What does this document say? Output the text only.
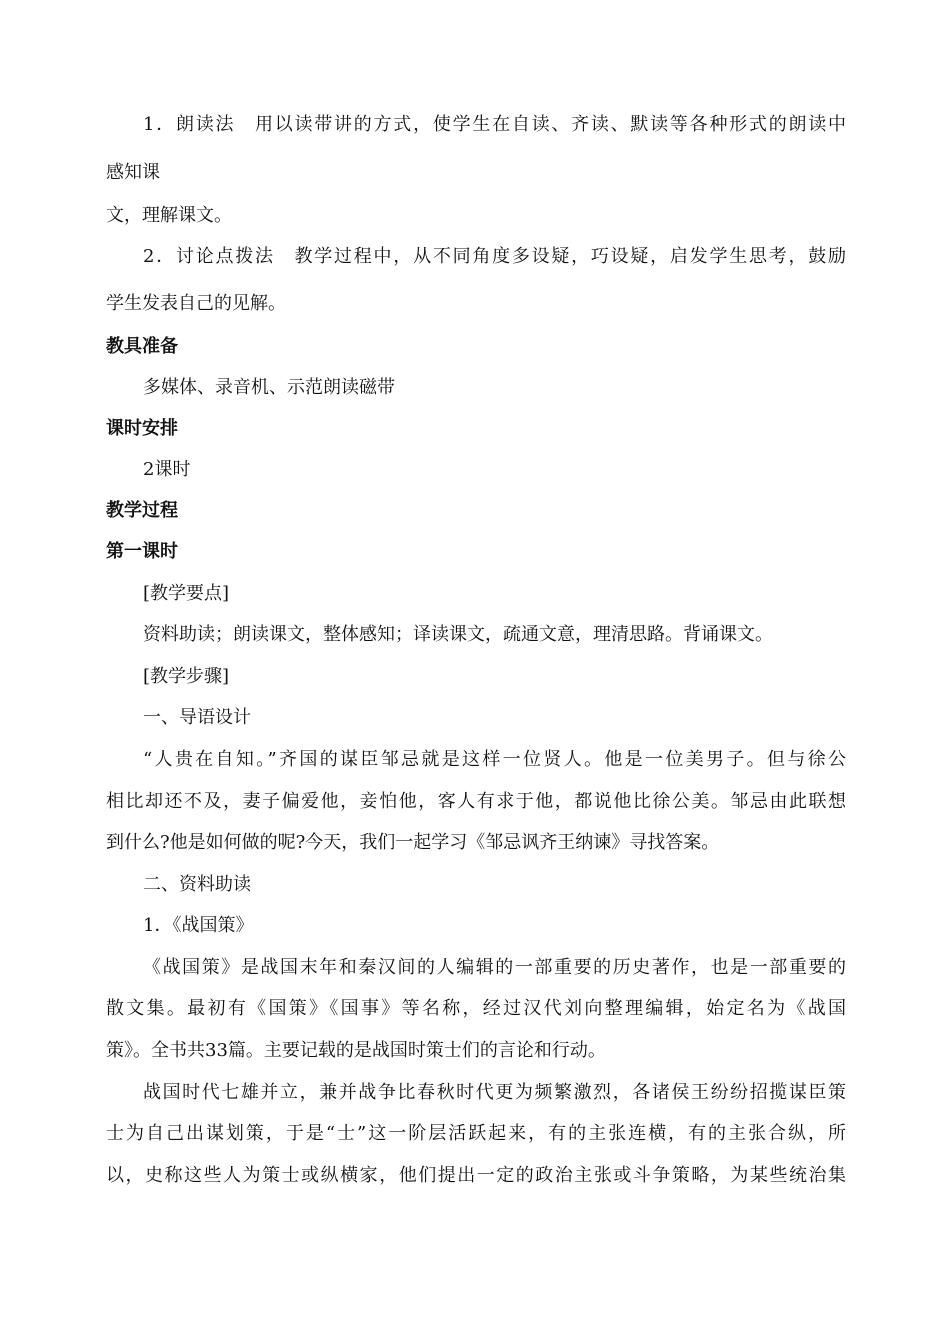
1．朗读法　用以读带讲的方式，使学生在自读、齐读、默读等各种形式的朗读中
感知课
文，理解课文。
2．讨论点拨法　教学过程中，从不同角度多设疑，巧设疑，启发学生思考，鼓励
学生发表自己的见解。
教具准备
多媒体、录音机、示范朗读磁带
课时安排
2课时
教学过程
第一课时
[教学要点]
资料助读；朗读课文，整体感知；译读课文，疏通文意，理清思路。背诵课文。
[教学步骤]
一、导语设计
“人贵在自知。”齐国的谋臣邹忌就是这样一位贤人。他是一位美男子。但与徐公
相比却还不及，妻子偏爱他，妾怕他，客人有求于他，都说他比徐公美。邹忌由此联想
到什么?他是如何做的呢?今天，我们一起学习《邹忌讽齐王纳谏》寻找答案。
二、资料助读
1．《战国策》
《战国策》是战国末年和秦汉间的人编辑的一部重要的历史著作，也是一部重要的
散文集。最初有《国策》《国事》等名称，经过汉代刘向整理编辑，始定名为《战国
策》。全书共33篇。主要记载的是战国时策士们的言论和行动。
战国时代七雄并立，兼并战争比春秋时代更为频繁激烈，各诸侯王纷纷招揽谋臣策
士为自己出谋划策，于是“士”这一阶层活跃起来，有的主张连横，有的主张合纵，所
以，史称这些人为策士或纵横家，他们提出一定的政治主张或斗争策略，为某些统治集
